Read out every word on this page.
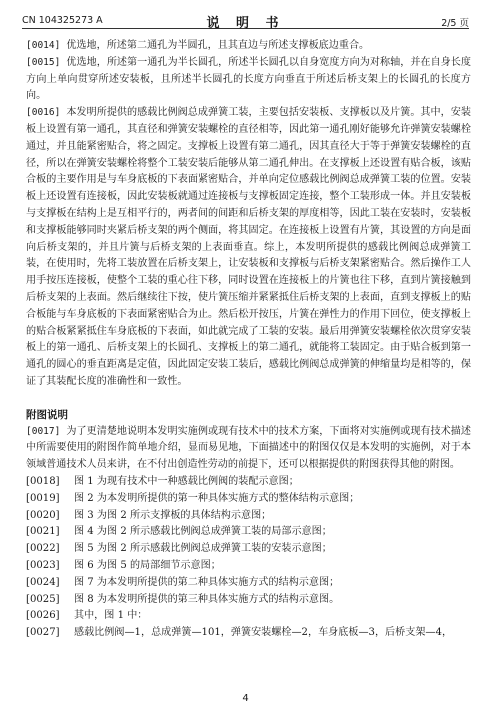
CN 104325273 A	说 明 书	2/5 页

[0014] 优选地，所述第二通孔为半圆孔，且其直边与所述支撑板底边重合。

[0015] 优选地，所述第一通孔为半长圆孔，所述半长圆孔以自身宽度方向为对称轴，并在自身长度方向上单向贯穿所述安装板，且所述半长圆孔的长度方向垂直于所述后桥支架上的长圆孔的长度方向。

[0016] 本发明所提供的感载比例阀总成弹簧工装，主要包括安装板、支撑板以及片簧。其中，安装板上设置有第一通孔，其直径和弹簧安装螺栓的直径相等，因此第一通孔刚好能够允许弹簧安装螺栓通过，并且能紧密贴合，将之固定。支撑板上设置有第二通孔，因其直径大于等于弹簧安装螺栓的直径，所以在弹簧安装螺栓将整个工装安装后能够从第二通孔伸出。在支撑板上还设置有贴合板，该贴合板的主要作用是与车身底板的下表面紧密贴合，并单向定位感载比例阀总成弹簧工装的位置。安装板上还设置有连接板，因此安装板就通过连接板与支撑板固定连接，整个工装形成一体。并且安装板与支撑板在结构上是互相平行的，两者间的间距和后桥支架的厚度相等，因此工装在安装时，安装板和支撑板能够同时夹紧后桥支架的两个侧面，将其固定。在连接板上设置有片簧，其设置的方向是面向后桥支架的，并且片簧与后桥支架的上表面垂直。综上，本发明所提供的感载比例阀总成弹簧工装，在使用时，先将工装放置在后桥支架上，让安装板和支撑板与后桥支架紧密贴合。然后操作工人用手按压连接板，使整个工装的重心往下移，同时设置在连接板上的片簧也往下移，直到片簧接触到后桥支架的上表面。然后继续往下按，使片簧压缩并紧紧抵住后桥支架的上表面，直到支撑板上的贴合板能与车身底板的下表面紧密贴合为止。然后松开按压，片簧在弹性力的作用下回位，使支撑板上的贴合板紧紧抵住车身底板的下表面，如此就完成了工装的安装。最后用弹簧安装螺栓依次贯穿安装板上的第一通孔、后桥支架上的长圆孔、支撑板上的第二通孔，就能将工装固定。由于贴合板到第一通孔的圆心的垂直距离是定值，因此固定安装工装后，感载比例阀总成弹簧的伸缩量均是相等的，保证了其装配长度的准确性和一致性。

附图说明

[0017] 为了更清楚地说明本发明实施例或现有技术中的技术方案，下面将对实施例或现有技术描述中所需要使用的附图作简单地介绍，显而易见地，下面描述中的附图仅仅是本发明的实施例，对于本领域普通技术人员来讲，在不付出创造性劳动的前提下，还可以根据提供的附图获得其他的附图。

[0018] 图 1 为现有技术中一种感载比例阀的装配示意图；
[0019] 图 2 为本发明所提供的第一种具体实施方式的整体结构示意图；
[0020] 图 3 为图 2 所示支撑板的具体结构示意图；
[0021] 图 4 为图 2 所示感载比例阀总成弹簧工装的局部示意图；
[0022] 图 5 为图 2 所示感载比例阀总成弹簧工装的安装示意图；
[0023] 图 6 为图 5 的局部细节示意图；
[0024] 图 7 为本发明所提供的第二种具体实施方式的结构示意图；
[0025] 图 8 为本发明所提供的第三种具体实施方式的结构示意图。
[0026] 其中，图 1 中：
[0027] 感载比例阀—1，总成弹簧—101，弹簧安装螺栓—2，车身底板—3，后桥支架—4，
4
